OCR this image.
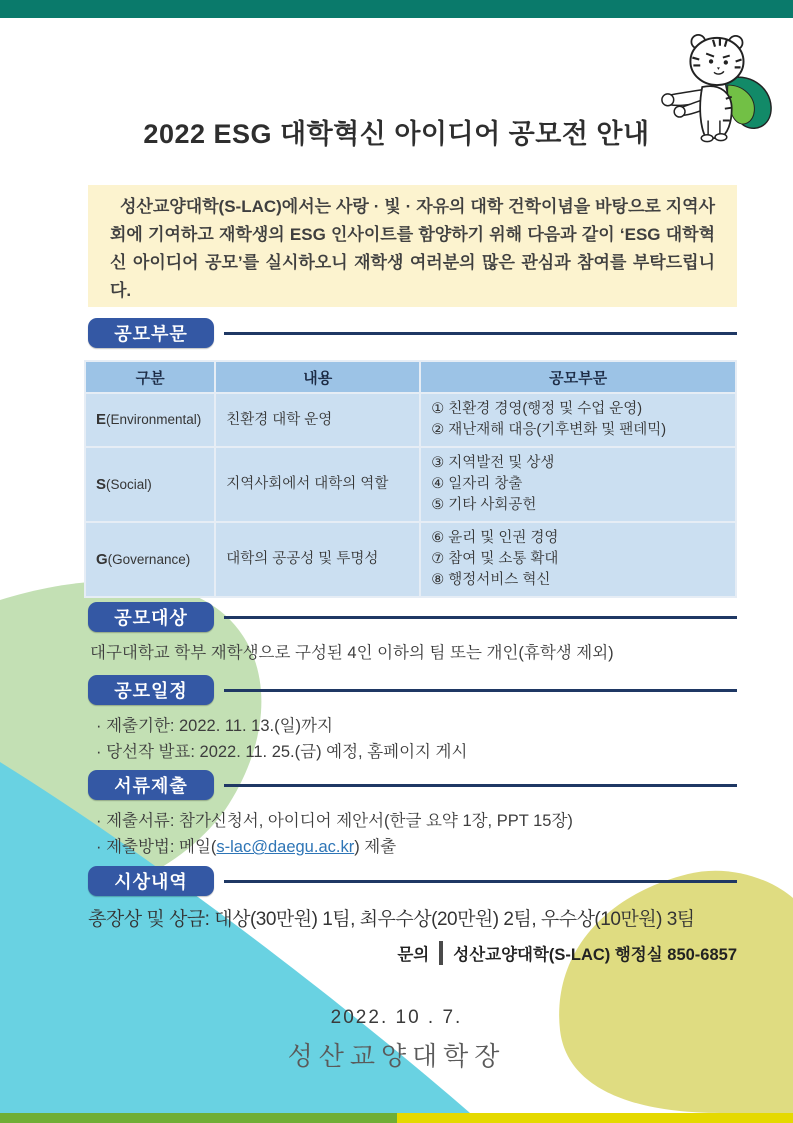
2022 ESG 대학혁신 아이디어 공모전 안내
성산교양대학(S-LAC)에서는 사랑 · 빛 · 자유의 대학 건학이념을 바탕으로 지역사회에 기여하고 재학생의 ESG 인사이트를 함양하기 위해 다음과 같이 ‘ESG 대학혁신 아이디어 공모’를 실시하오니 재학생 여러분의 많은 관심과 참여를 부탁드립니다.
공모부문
구분	내용	공모부문
E(Environmental)	친환경 대학 운영	① 친환경 경영(행정 및 수업 운영)
② 재난재해 대응(기후변화 및 팬데믹)

S(Social)	지역사회에서 대학의 역할	③ 지역발전 및 상생
④ 일자리 창출
⑤ 기타 사회공헌

G(Governance)	대학의 공공성 및 투명성	⑥ 윤리 및 인권 경영
⑦ 참여 및 소통 확대
⑧ 행정서비스 혁신
공모대상
대구대학교 학부 재학생으로 구성된 4인 이하의 팀 또는 개인(휴학생 제외)
공모일정
· 제출기한: 2022. 11. 13.(일)까지
· 당선작 발표: 2022. 11. 25.(금) 예정, 홈페이지 게시
서류제출
· 제출서류: 참가신청서, 아이디어 제안서(한글 요약 1장, PPT 15장)
· 제출방법: 메일(s-lac@daegu.ac.kr) 제출
시상내역
총장상 및 상금: 대상(30만원) 1팀, 최우수상(20만원) 2팀, 우수상(10만원) 3팀
문의 성산교양대학(S-LAC) 행정실 850-6857
2022. 10 . 7.
성산교양대학장
